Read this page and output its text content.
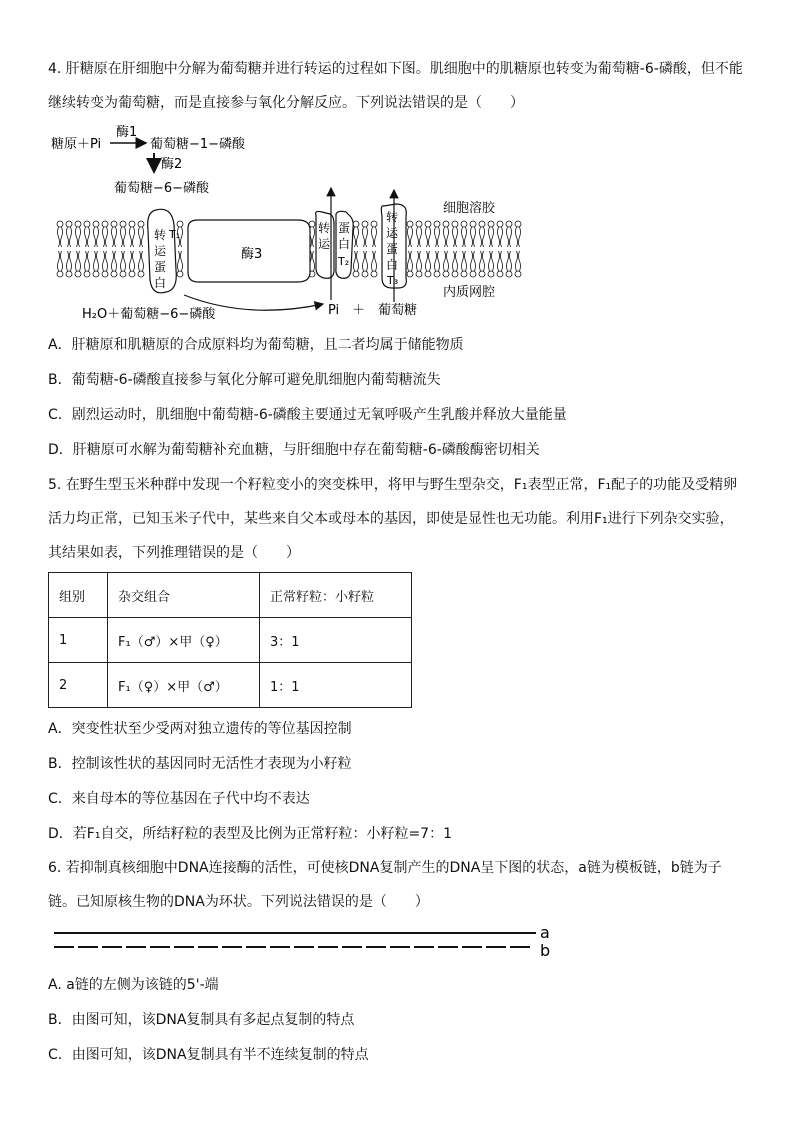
4. 肝糖原在肝细胞中分解为葡萄糖并进行转运的过程如下图。肌细胞中的肌糖原也转变为葡萄糖-6-磷酸，但不能
继续转变为葡萄糖，而是直接参与氧化分解反应。下列说法错误的是（　　）
糖原＋Pi
酶1
葡萄糖−1−磷酸
酶2
葡萄糖−6−磷酸
转
运
蛋
白
T₁
酶3
转
运
蛋
白
T₂
转
运
蛋
白
T₃
细胞溶胶
内质网腔
H₂O＋葡萄糖−6−磷酸	Pi ＋ 葡萄糖
A．肝糖原和肌糖原的合成原料均为葡萄糖，且二者均属于储能物质
B．葡萄糖-6-磷酸直接参与氧化分解可避免肌细胞内葡萄糖流失
C．剧烈运动时，肌细胞中葡萄糖-6-磷酸主要通过无氧呼吸产生乳酸并释放大量能量
D．肝糖原可水解为葡萄糖补充血糖，与肝细胞中存在葡萄糖-6-磷酸酶密切相关
5. 在野生型玉米种群中发现一个籽粒变小的突变株甲，将甲与野生型杂交，F₁表型正常，F₁配子的功能及受精卵
活力均正常，已知玉米子代中，某些来自父本或母本的基因，即使是显性也无功能。利用F₁进行下列杂交实验，
其结果如表，下列推理错误的是（　　）
组别	杂交组合	正常籽粒：小籽粒
1	F₁（♂）×甲（♀）	3：1
2	F₁（♀）×甲（♂）	1：1
A．突变性状至少受两对独立遗传的等位基因控制
B．控制该性状的基因同时无活性才表现为小籽粒
C．来自母本的等位基因在子代中均不表达
D．若F₁自交，所结籽粒的表型及比例为正常籽粒：小籽粒=7：1
6. 若抑制真核细胞中DNA连接酶的活性，可使核DNA复制产生的DNA呈下图的状态，a链为模板链，b链为子
链。已知原核生物的DNA为环状。下列说法错误的是（　　）
a
b
A. a链的左侧为该链的5'-端
B．由图可知，该DNA复制具有多起点复制的特点
C．由图可知，该DNA复制具有半不连续复制的特点
